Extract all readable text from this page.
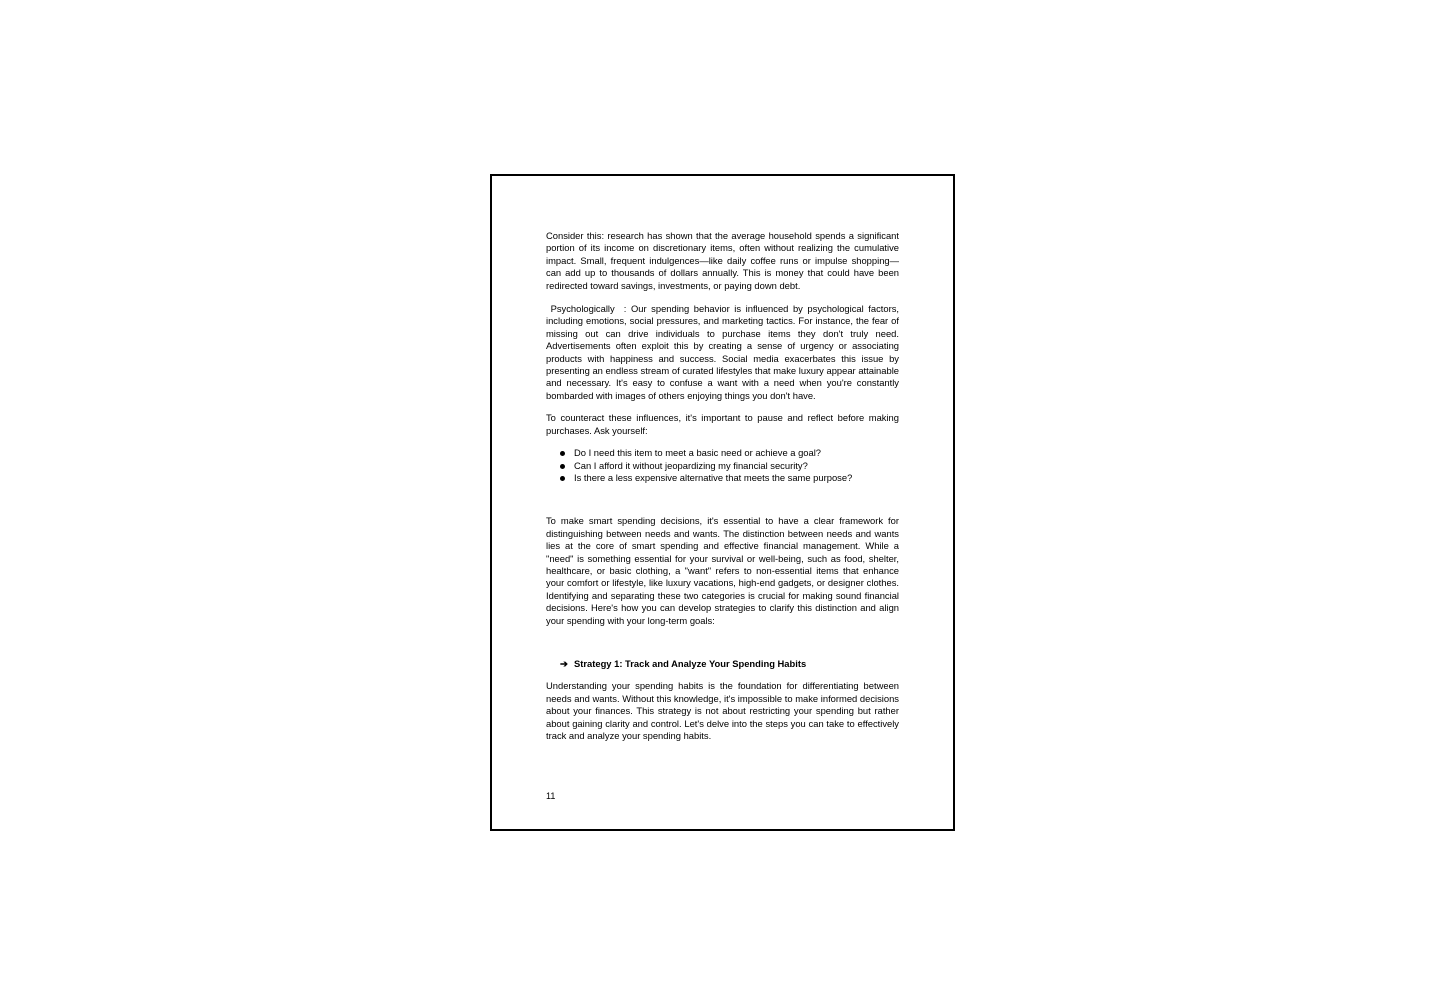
Consider this: research has shown that the average household spends a significant portion of its income on discretionary items, often without realizing the cumulative impact. Small, frequent indulgences—like daily coffee runs or impulse shopping—can add up to thousands of dollars annually. This is money that could have been redirected toward savings, investments, or paying down debt.

Psychologically  : Our spending behavior is influenced by psychological factors, including emotions, social pressures, and marketing tactics. For instance, the fear of missing out can drive individuals to purchase items they don't truly need. Advertisements often exploit this by creating a sense of urgency or associating products with happiness and success. Social media exacerbates this issue by presenting an endless stream of curated lifestyles that make luxury appear attainable and necessary. It's easy to confuse a want with a need when you're constantly bombarded with images of others enjoying things you don't have.

To counteract these influences, it's important to pause and reflect before making purchases. Ask yourself:

Do I need this item to meet a basic need or achieve a goal?
Can I afford it without jeopardizing my financial security?
Is there a less expensive alternative that meets the same purpose?

To make smart spending decisions, it's essential to have a clear framework for distinguishing between needs and wants. The distinction between needs and wants lies at the core of smart spending and effective financial management. While a "need" is something essential for your survival or well-being, such as food, shelter, healthcare, or basic clothing, a "want" refers to non-essential items that enhance your comfort or lifestyle, like luxury vacations, high-end gadgets, or designer clothes. Identifying and separating these two categories is crucial for making sound financial decisions. Here's how you can develop strategies to clarify this distinction and align your spending with your long-term goals:

➔ Strategy 1: Track and Analyze Your Spending Habits

Understanding your spending habits is the foundation for differentiating between needs and wants. Without this knowledge, it's impossible to make informed decisions about your finances. This strategy is not about restricting your spending but rather about gaining clarity and control. Let's delve into the steps you can take to effectively track and analyze your spending habits.

11
